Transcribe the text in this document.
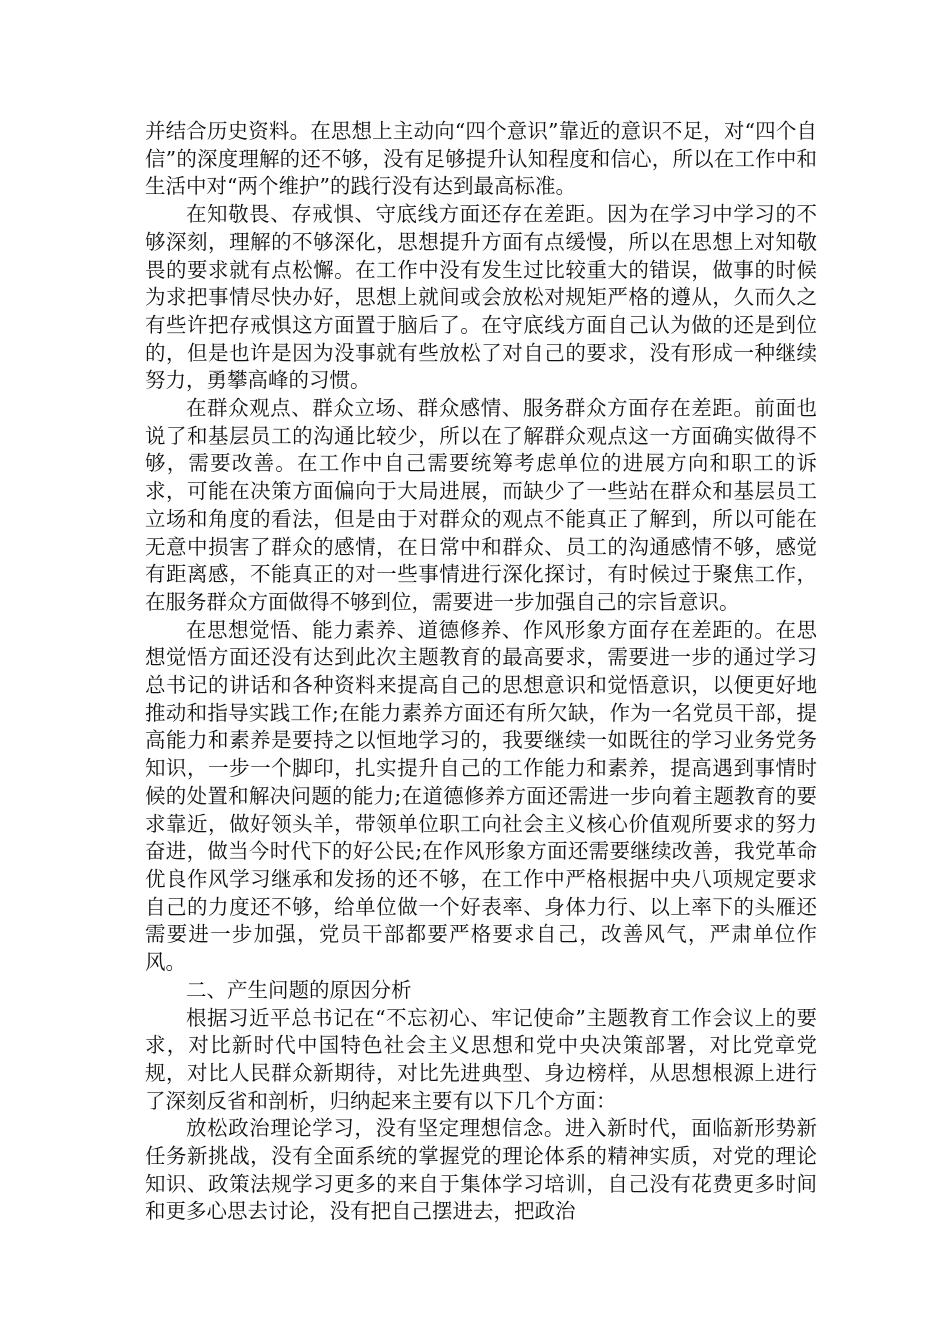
并结合历史资料。在思想上主动向“四个意识”靠近的意识不足，对“四个自信”的深度理解的还不够，没有足够提升认知程度和信心，所以在工作中和生活中对“两个维护”的践行没有达到最高标准。

在知敬畏、存戒惧、守底线方面还存在差距。因为在学习中学习的不够深刻，理解的不够深化，思想提升方面有点缓慢，所以在思想上对知敬畏的要求就有点松懈。在工作中没有发生过比较重大的错误，做事的时候为求把事情尽快办好，思想上就间或会放松对规矩严格的遵从，久而久之有些许把存戒惧这方面置于脑后了。在守底线方面自己认为做的还是到位的，但是也许是因为没事就有些放松了对自己的要求，没有形成一种继续努力，勇攀高峰的习惯。

在群众观点、群众立场、群众感情、服务群众方面存在差距。前面也说了和基层员工的沟通比较少，所以在了解群众观点这一方面确实做得不够，需要改善。在工作中自己需要统筹考虑单位的进展方向和职工的诉求，可能在决策方面偏向于大局进展，而缺少了一些站在群众和基层员工立场和角度的看法，但是由于对群众的观点不能真正了解到，所以可能在无意中损害了群众的感情，在日常中和群众、员工的沟通感情不够，感觉有距离感，不能真正的对一些事情进行深化探讨，有时候过于聚焦工作，在服务群众方面做得不够到位，需要进一步加强自己的宗旨意识。

在思想觉悟、能力素养、道德修养、作风形象方面存在差距的。在思想觉悟方面还没有达到此次主题教育的最高要求，需要进一步的通过学习总书记的讲话和各种资料来提高自己的思想意识和觉悟意识，以便更好地推动和指导实践工作;在能力素养方面还有所欠缺，作为一名党员干部，提高能力和素养是要持之以恒地学习的，我要继续一如既往的学习业务党务知识，一步一个脚印，扎实提升自己的工作能力和素养，提高遇到事情时候的处置和解决问题的能力;在道德修养方面还需进一步向着主题教育的要求靠近，做好领头羊，带领单位职工向社会主义核心价值观所要求的努力奋进，做当今时代下的好公民;在作风形象方面还需要继续改善，我党革命优良作风学习继承和发扬的还不够，在工作中严格根据中央八项规定要求自己的力度还不够，给单位做一个好表率、身体力行、以上率下的头雁还需要进一步加强，党员干部都要严格要求自己，改善风气，严肃单位作风。

二、产生问题的原因分析

根据习近平总书记在“不忘初心、牢记使命”主题教育工作会议上的要求，对比新时代中国特色社会主义思想和党中央决策部署，对比党章党规，对比人民群众新期待，对比先进典型、身边榜样，从思想根源上进行了深刻反省和剖析，归纳起来主要有以下几个方面：

放松政治理论学习，没有坚定理想信念。进入新时代，面临新形势新任务新挑战，没有全面系统的掌握党的理论体系的精神实质，对党的理论知识、政策法规学习更多的来自于集体学习培训，自己没有花费更多时间和更多心思去讨论，没有把自己摆进去，把政治
